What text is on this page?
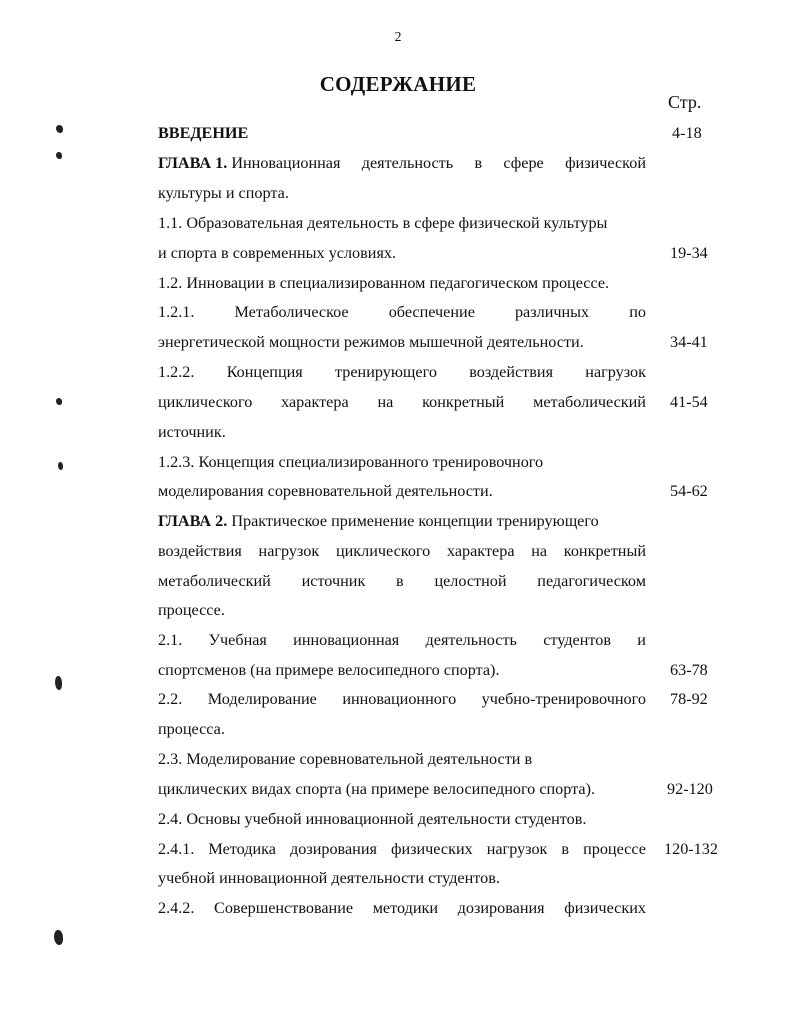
2
СОДЕРЖАНИЕ
Стр.
ВВЕДЕНИЕ	4-18
ГЛАВА 1. Инновационная деятельность в сфере физической
культуры и спорта.
1.1. Образовательная деятельность в сфере физической культуры
и спорта в современных условиях.	19-34
1.2. Инновации в специализированном педагогическом процессе.
1.2.1. Метаболическое обеспечение различных по
энергетической мощности режимов мышечной деятельности.	34-41
1.2.2. Концепция тренирующего воздействия нагрузок
циклического характера на конкретный метаболический 41-54
источник.
1.2.3. Концепция специализированного тренировочного
моделирования соревновательной деятельности.	54-62
ГЛАВА 2. Практическое применение концепции тренирующего
воздействия нагрузок циклического характера на конкретный
метаболический источник в целостной педагогическом
процессе.
2.1. Учебная инновационная деятельность студентов и
спортсменов (на примере велосипедного спорта).	63-78
2.2. Моделирование инновационного учебно-тренировочного 78-92
процесса.
2.3. Моделирование соревновательной деятельности в
циклических видах спорта (на примере велосипедного спорта).	92-120
2.4. Основы учебной инновационной деятельности студентов.
2.4.1. Методика дозирования физических нагрузок в процессе 120-132
учебной инновационной деятельности студентов.
2.4.2. Совершенствование методики дозирования физических
